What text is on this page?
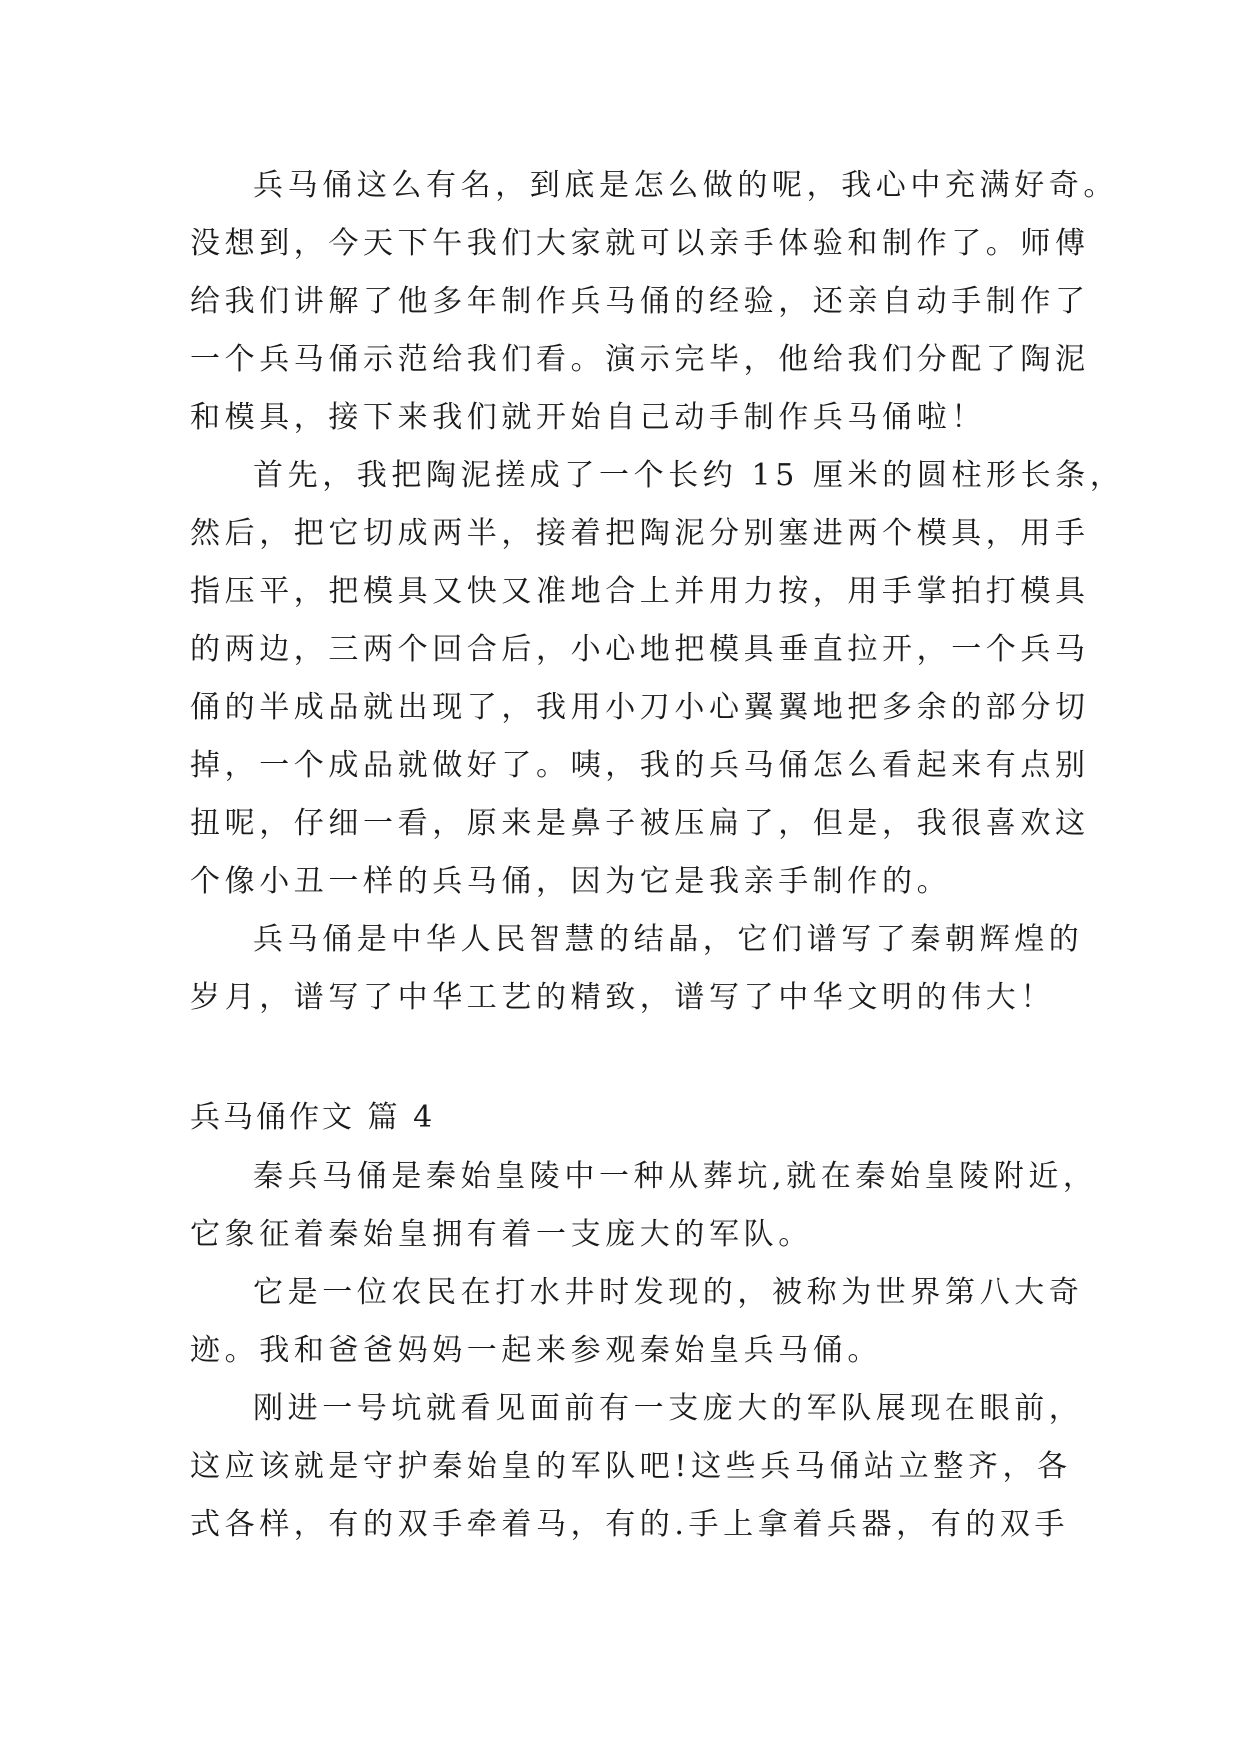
兵马俑这么有名，到底是怎么做的呢，我心中充满好奇。
没想到，今天下午我们大家就可以亲手体验和制作了。师傅
给我们讲解了他多年制作兵马俑的经验，还亲自动手制作了
一个兵马俑示范给我们看。演示完毕，他给我们分配了陶泥
和模具，接下来我们就开始自己动手制作兵马俑啦！
首先，我把陶泥搓成了一个长约 15 厘米的圆柱形长条，
然后，把它切成两半，接着把陶泥分别塞进两个模具，用手
指压平，把模具又快又准地合上并用力按，用手掌拍打模具
的两边，三两个回合后，小心地把模具垂直拉开，一个兵马
俑的半成品就出现了，我用小刀小心翼翼地把多余的部分切
掉，一个成品就做好了。咦，我的兵马俑怎么看起来有点别
扭呢，仔细一看，原来是鼻子被压扁了，但是，我很喜欢这
个像小丑一样的兵马俑，因为它是我亲手制作的。
兵马俑是中华人民智慧的结晶，它们谱写了秦朝辉煌的
岁月，谱写了中华工艺的精致，谱写了中华文明的伟大！
兵马俑作文 篇 4
秦兵马俑是秦始皇陵中一种从葬坑,就在秦始皇陵附近，
它象征着秦始皇拥有着一支庞大的军队。
它是一位农民在打水井时发现的，被称为世界第八大奇
迹。我和爸爸妈妈一起来参观秦始皇兵马俑。
刚进一号坑就看见面前有一支庞大的军队展现在眼前，
这应该就是守护秦始皇的军队吧!这些兵马俑站立整齐，各
式各样，有的双手牵着马，有的.手上拿着兵器，有的双手
